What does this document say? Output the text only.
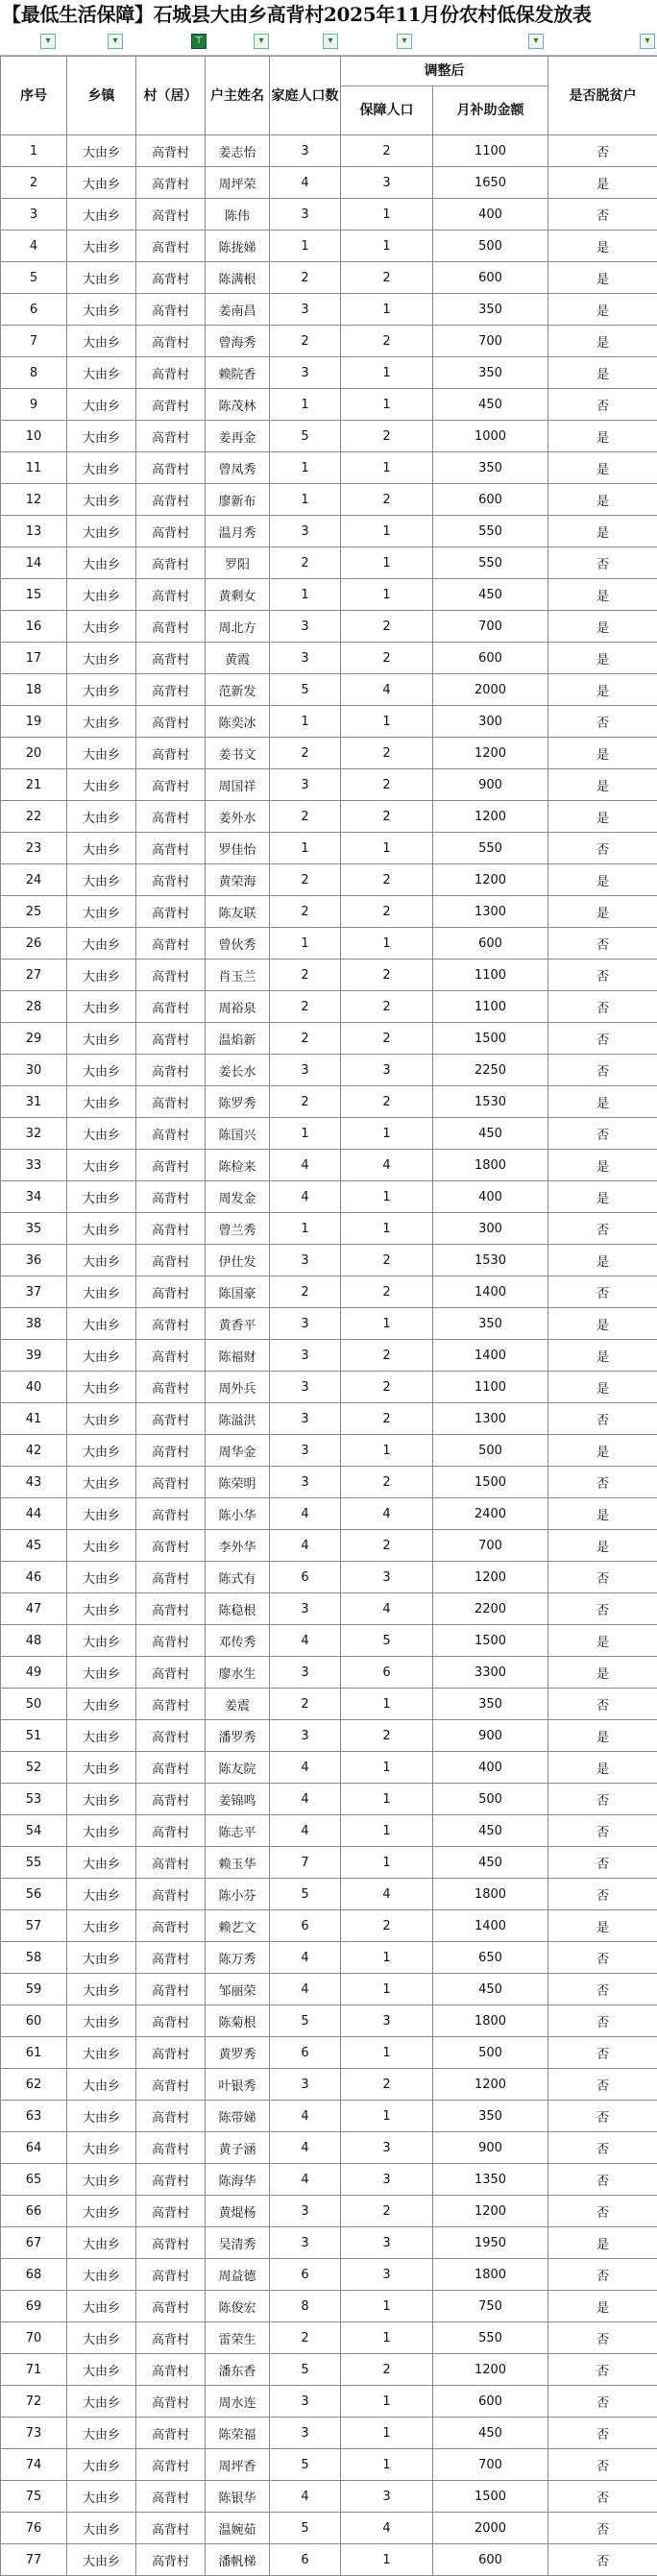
【最低生活保障】石城县大由乡高背村2025年11月份农村低保发放表
▾	▾	⊤	▾	▾	▾	▾	▾
序号	乡镇	村（居）	户主姓名	家庭人口数	调整后		是否脱贫户
					保障人口	月补助金额	
1	大由乡	高背村	姜志怡	3	2	1100	否
2	大由乡	高背村	周坪荣	4	3	1650	是
3	大由乡	高背村	陈伟	3	1	400	否
4	大由乡	高背村	陈拢娣	1	1	500	是
5	大由乡	高背村	陈满根	2	2	600	是
6	大由乡	高背村	姜南昌	3	1	350	是
7	大由乡	高背村	曾海秀	2	2	700	是
8	大由乡	高背村	赖院香	3	1	350	是
9	大由乡	高背村	陈茂林	1	1	450	否
10	大由乡	高背村	姜再金	5	2	1000	是
11	大由乡	高背村	曾凤秀	1	1	350	是
12	大由乡	高背村	廖新布	1	2	600	是
13	大由乡	高背村	温月秀	3	1	550	是
14	大由乡	高背村	罗阳	2	1	550	否
15	大由乡	高背村	黄剩女	1	1	450	是
16	大由乡	高背村	周北方	3	2	700	是
17	大由乡	高背村	黄霞	3	2	600	是
18	大由乡	高背村	范新发	5	4	2000	是
19	大由乡	高背村	陈奕冰	1	1	300	否
20	大由乡	高背村	姜书文	2	2	1200	是
21	大由乡	高背村	周国祥	3	2	900	是
22	大由乡	高背村	姜外水	2	2	1200	是
23	大由乡	高背村	罗佳怡	1	1	550	否
24	大由乡	高背村	黄荣海	2	2	1200	是
25	大由乡	高背村	陈友联	2	2	1300	是
26	大由乡	高背村	曾伙秀	1	1	600	否
27	大由乡	高背村	肖玉兰	2	2	1100	否
28	大由乡	高背村	周裕泉	2	2	1100	否
29	大由乡	高背村	温焰新	2	2	1500	否
30	大由乡	高背村	姜长水	3	3	2250	否
31	大由乡	高背村	陈罗秀	2	2	1530	是
32	大由乡	高背村	陈国兴	1	1	450	否
33	大由乡	高背村	陈检来	4	4	1800	是
34	大由乡	高背村	周发金	4	1	400	是
35	大由乡	高背村	曾兰秀	1	1	300	否
36	大由乡	高背村	伊仕发	3	2	1530	是
37	大由乡	高背村	陈国豪	2	2	1400	否
38	大由乡	高背村	黄香平	3	1	350	是
39	大由乡	高背村	陈福财	3	2	1400	是
40	大由乡	高背村	周外兵	3	2	1100	是
41	大由乡	高背村	陈溢洪	3	2	1300	否
42	大由乡	高背村	周华金	3	1	500	是
43	大由乡	高背村	陈荣明	3	2	1500	否
44	大由乡	高背村	陈小华	4	4	2400	是
45	大由乡	高背村	李外华	4	2	700	是
46	大由乡	高背村	陈式有	6	3	1200	否
47	大由乡	高背村	陈稳根	3	4	2200	否
48	大由乡	高背村	邓传秀	4	5	1500	是
49	大由乡	高背村	廖水生	3	6	3300	是
50	大由乡	高背村	姜震	2	1	350	否
51	大由乡	高背村	潘罗秀	3	2	900	是
52	大由乡	高背村	陈友院	4	1	400	是
53	大由乡	高背村	姜锦鸣	4	1	500	否
54	大由乡	高背村	陈志平	4	1	450	否
55	大由乡	高背村	赖玉华	7	1	450	否
56	大由乡	高背村	陈小芬	5	4	1800	否
57	大由乡	高背村	赖艺文	6	2	1400	是
58	大由乡	高背村	陈万秀	4	1	650	否
59	大由乡	高背村	邹丽荣	4	1	450	否
60	大由乡	高背村	陈菊根	5	3	1800	否
61	大由乡	高背村	黄罗秀	6	1	500	否
62	大由乡	高背村	叶银秀	3	2	1200	否
63	大由乡	高背村	陈带娣	4	1	350	否
64	大由乡	高背村	黄子涵	4	3	900	否
65	大由乡	高背村	陈海华	4	3	1350	否
66	大由乡	高背村	黄焜杨	3	2	1200	否
67	大由乡	高背村	吴清秀	3	3	1950	是
68	大由乡	高背村	周益德	6	3	1800	否
69	大由乡	高背村	陈俊宏	8	1	750	是
70	大由乡	高背村	雷荣生	2	1	550	否
71	大由乡	高背村	潘东香	5	2	1200	否
72	大由乡	高背村	周水连	3	1	600	否
73	大由乡	高背村	陈荣福	3	1	450	否
74	大由乡	高背村	周坪香	5	1	700	否
75	大由乡	高背村	陈银华	4	3	1500	否
76	大由乡	高背村	温婉茹	5	4	2000	否
77	大由乡	高背村	潘帆梯	6	1	600	否
